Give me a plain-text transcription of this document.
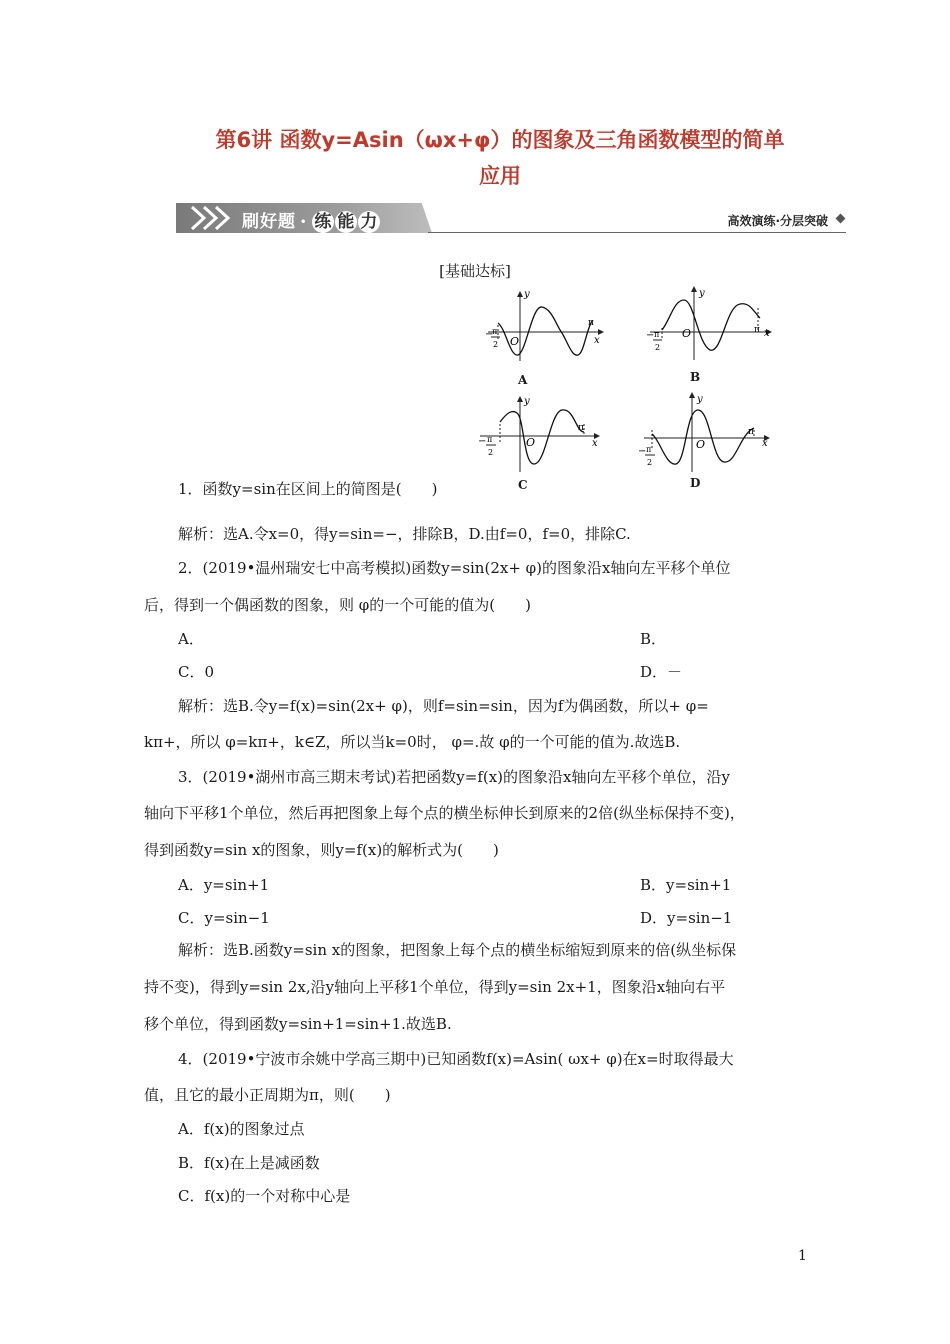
第6讲 函数y=Asin（ωx+φ）的图象及三角函数模型的简单
应用
刷好题 • 练 能 力	高效演练·分层突破
[基础达标]
y
x
O
π
−
π
2
A
y
x
O	π
− π
2
B
y
x
O
π
− π
2
C
y
x
O
π
− π
2
D
1．函数y=sin在区间上的简图是(　　)
解析：选A.令x=0，得y=sin=−，排除B，D.由f=0，f=0，排除C.
2．(2019•温州瑞安七中高考模拟)函数y=sin(2x+ φ)的图象沿x轴向左平移个单位
后，得到一个偶函数的图象，则 φ的一个可能的值为(　　)
A．	B．
C．0	D．－
解析：选B.令y=f(x)=sin(2x+ φ)，则f=sin=sin，因为f为偶函数，所以+ φ=
kπ+，所以 φ=kπ+，k∈Z，所以当k=0时， φ=.故 φ的一个可能的值为.故选B.
3．(2019•湖州市高三期末考试)若把函数y=f(x)的图象沿x轴向左平移个单位，沿y
轴向下平移1个单位，然后再把图象上每个点的横坐标伸长到原来的2倍(纵坐标保持不变)，
得到函数y=sin x的图象，则y=f(x)的解析式为(　　)
A．y=sin+1	B．y=sin+1
C．y=sin−1	D．y=sin−1
解析：选B.函数y=sin x的图象，把图象上每个点的横坐标缩短到原来的倍(纵坐标保
持不变)，得到y=sin 2x,沿y轴向上平移1个单位，得到y=sin 2x+1，图象沿x轴向右平
移个单位，得到函数y=sin+1=sin+1.故选B.
4．(2019•宁波市余姚中学高三期中)已知函数f(x)=Asin( ωx+ φ)在x=时取得最大
值，且它的最小正周期为π，则(　　)
A．f(x)的图象过点
B．f(x)在上是减函数
C．f(x)的一个对称中心是
1
